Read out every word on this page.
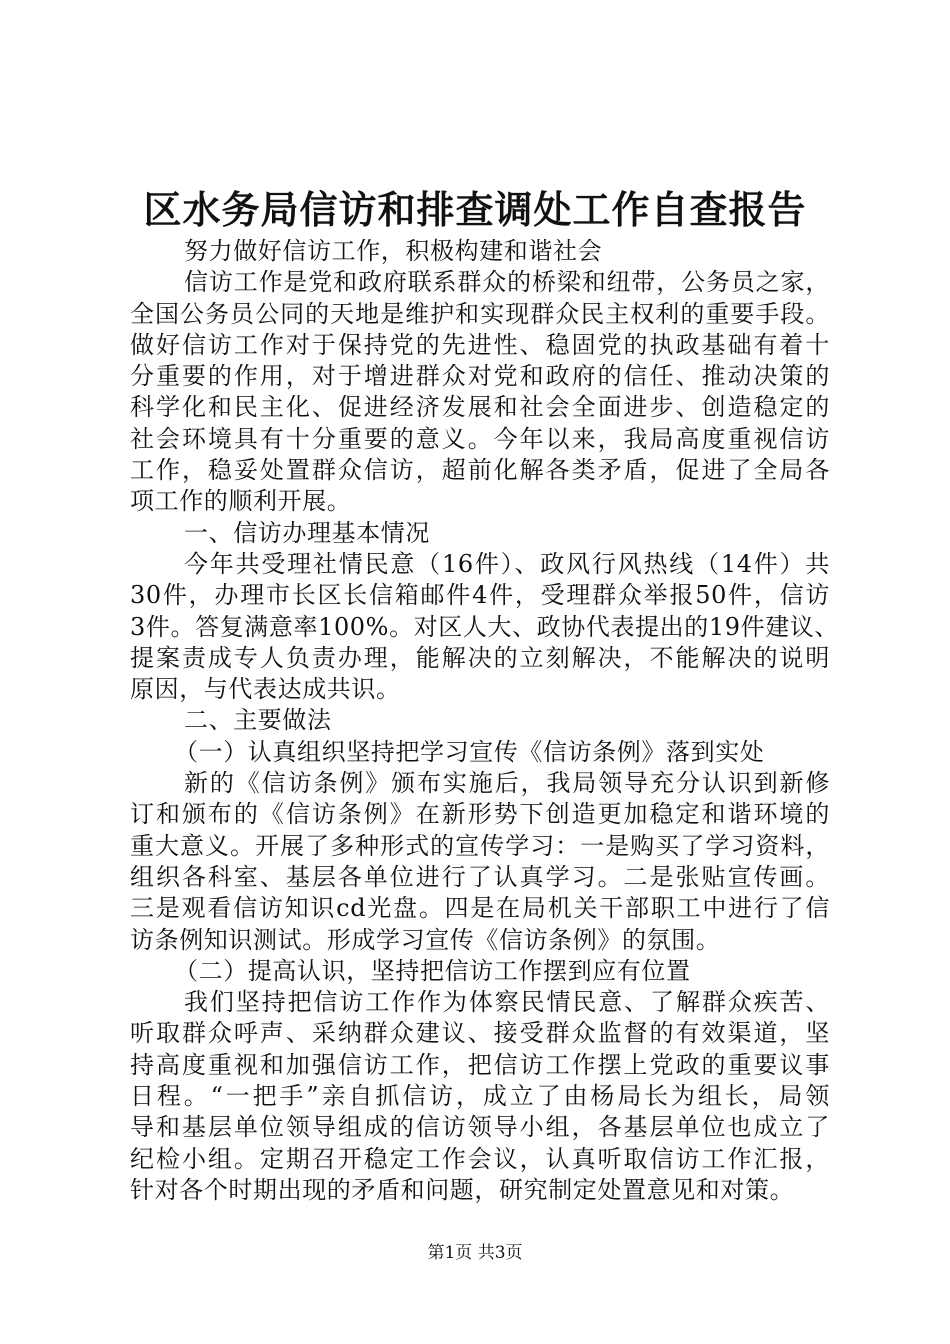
区水务局信访和排查调处工作自查报告
努力做好信访工作，积极构建和谐社会
信访工作是党和政府联系群众的桥梁和纽带，公务员之家，
全国公务员公同的天地是维护和实现群众民主权利的重要手段。
做好信访工作对于保持党的先进性、稳固党的执政基础有着十
分重要的作用，对于增进群众对党和政府的信任、推动决策的
科学化和民主化、促进经济发展和社会全面进步、创造稳定的
社会环境具有十分重要的意义。今年以来，我局高度重视信访
工作，稳妥处置群众信访，超前化解各类矛盾，促进了全局各
项工作的顺利开展。
一、信访办理基本情况
今年共受理社情民意（16件）、政风行风热线（14件）共
30件，办理市长区长信箱邮件4件，受理群众举报50件，信访
3件。答复满意率100%。对区人大、政协代表提出的19件建议、
提案责成专人负责办理，能解决的立刻解决，不能解决的说明
原因，与代表达成共识。
二、主要做法
（一）认真组织坚持把学习宣传《信访条例》落到实处
新的《信访条例》颁布实施后，我局领导充分认识到新修
订和颁布的《信访条例》在新形势下创造更加稳定和谐环境的
重大意义。开展了多种形式的宣传学习：一是购买了学习资料，
组织各科室、基层各单位进行了认真学习。二是张贴宣传画。
三是观看信访知识cd光盘。四是在局机关干部职工中进行了信
访条例知识测试。形成学习宣传《信访条例》的氛围。
（二）提高认识，坚持把信访工作摆到应有位置
我们坚持把信访工作作为体察民情民意、了解群众疾苦、
听取群众呼声、采纳群众建议、接受群众监督的有效渠道，坚
持高度重视和加强信访工作，把信访工作摆上党政的重要议事
日程。“一把手”亲自抓信访，成立了由杨局长为组长，局领
导和基层单位领导组成的信访领导小组，各基层单位也成立了
纪检小组。定期召开稳定工作会议，认真听取信访工作汇报，
针对各个时期出现的矛盾和问题，研究制定处置意见和对策。
第1页 共3页
